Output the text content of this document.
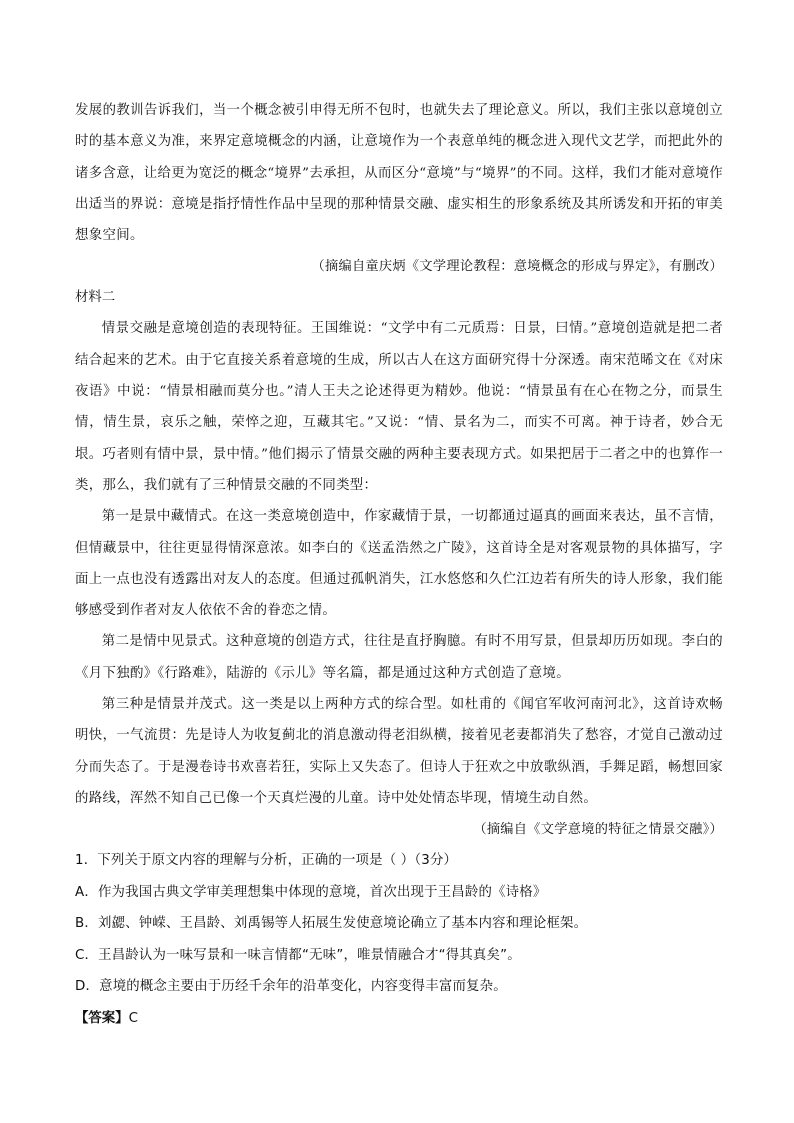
发展的教训告诉我们，当一个概念被引申得无所不包时，也就失去了理论意义。所以，我们主张以意境创立时的基本意义为准，来界定意境概念的内涵，让意境作为一个表意单纯的概念进入现代文艺学，而把此外的诸多含意，让给更为宽泛的概念“境界”去承担，从而区分“意境”与“境界”的不同。这样，我们才能对意境作出适当的界说：意境是指抒情性作品中呈现的那种情景交融、虚实相生的形象系统及其所诱发和开拓的审美想象空间。

（摘编自童庆炳《文学理论教程：意境概念的形成与界定》，有删改）

材料二

情景交融是意境创造的表现特征。王国维说：“文学中有二元质焉：日景，曰情。”意境创造就是把二者结合起来的艺术。由于它直接关系着意境的生成，所以古人在这方面研究得十分深透。南宋范晞文在《对床夜语》中说：“情景相融而莫分也。”清人王夫之论述得更为精妙。他说：“情景虽有在心在物之分，而景生情，情生景，哀乐之触，荣悴之迎，互藏其宅。”又说：“情、景名为二，而实不可离。神于诗者，妙合无垠。巧者则有情中景，景中情。”他们揭示了情景交融的两种主要表现方式。如果把居于二者之中的也算作一类，那么，我们就有了三种情景交融的不同类型：

第一是景中藏情式。在这一类意境创造中，作家藏情于景，一切都通过逼真的画面来表达，虽不言情，但情藏景中，往往更显得情深意浓。如李白的《送孟浩然之广陵》，这首诗全是对客观景物的具体描写，字面上一点也没有透露出对友人的态度。但通过孤帆消失，江水悠悠和久伫江边若有所失的诗人形象，我们能够感受到作者对友人依依不舍的眷恋之情。

第二是情中见景式。这种意境的创造方式，往往是直抒胸臆。有时不用写景，但景却历历如现。李白的《月下独酌》《行路难》，陆游的《示儿》等名篇，都是通过这种方式创造了意境。

第三种是情景并茂式。这一类是以上两种方式的综合型。如杜甫的《闻官军收河南河北》，这首诗欢畅明快，一气流贯：先是诗人为收复蓟北的消息激动得老泪纵横，接着见老妻都消失了愁容，才觉自己激动过分而失态了。于是漫卷诗书欢喜若狂，实际上又失态了。但诗人于狂欢之中放歌纵酒，手舞足蹈，畅想回家的路线，浑然不知自己已像一个天真烂漫的儿童。诗中处处情态毕现，情境生动自然。

（摘编自《文学意境的特征之情景交融》）

1．下列关于原文内容的理解与分析，正确的一项是（ ）（3分）

A．作为我国古典文学审美理想集中体现的意境，首次出现于王昌龄的《诗格》

B．刘勰、钟嵘、王昌龄、刘禹锡等人拓展生发使意境论确立了基本内容和理论框架。

C．王昌龄认为一味写景和一味言情都“无味”，唯景情融合才“得其真矣”。

D．意境的概念主要由于历经千余年的沿革变化，内容变得丰富而复杂。

【答案】C
